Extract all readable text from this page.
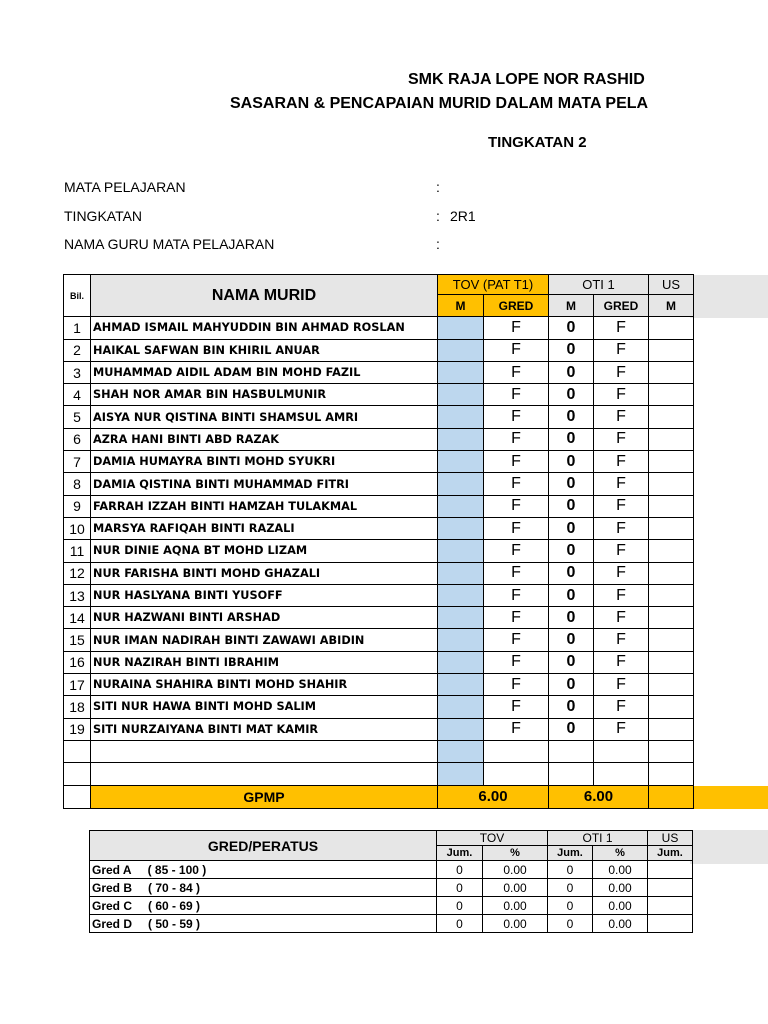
SMK RAJA LOPE NOR RASHID
SASARAN & PENCAPAIAN MURID DALAM MATA PELA
TINGKATAN 2
MATA PELAJARAN	:
TINGKATAN	: 2R1
NAMA GURU MATA PELAJARAN	:
Bil.	NAMA MURID	TOV (PAT T1)		OTI 1		US
		M	GRED	M	GRED	M
1	AHMAD ISMAIL MAHYUDDIN BIN AHMAD ROSLAN		F	0	F	
2	HAIKAL SAFWAN BIN KHIRIL ANUAR		F	0	F	
3	MUHAMMAD AIDIL ADAM BIN MOHD FAZIL		F	0	F	
4	SHAH NOR AMAR BIN HASBULMUNIR		F	0	F	
5	AISYA NUR QISTINA BINTI SHAMSUL AMRI		F	0	F	
6	AZRA HANI BINTI ABD RAZAK		F	0	F	
7	DAMIA HUMAYRA BINTI MOHD SYUKRI		F	0	F	
8	DAMIA QISTINA BINTI MUHAMMAD FITRI		F	0	F	
9	FARRAH IZZAH BINTI HAMZAH TULAKMAL		F	0	F	
10	MARSYA RAFIQAH BINTI RAZALI		F	0	F	
11	NUR DINIE AQNA BT MOHD LIZAM		F	0	F	
12	NUR FARISHA BINTI MOHD GHAZALI		F	0	F	
13	NUR HASLYANA BINTI YUSOFF		F	0	F	
14	NUR HAZWANI BINTI ARSHAD		F	0	F	
15	NUR IMAN NADIRAH BINTI ZAWAWI ABIDIN		F	0	F	
16	NUR NAZIRAH BINTI IBRAHIM		F	0	F	
17	NURAINA SHAHIRA BINTI MOHD SHAHIR		F	0	F	
18	SITI NUR HAWA BINTI MOHD SALIM		F	0	F	
19	SITI NURZAIYANA BINTI MAT KAMIR		F	0	F	

	GPMP	6.00		6.00		
GRED/PERATUS	TOV		OTI 1		US
	Jum.	%	Jum.	%	Jum.
Gred A ( 85 - 100 )	0	0.00	0	0.00	
Gred B ( 70 - 84 )	0	0.00	0	0.00	
Gred C ( 60 - 69 )	0	0.00	0	0.00	
Gred D ( 50 - 59 )	0	0.00	0	0.00	
